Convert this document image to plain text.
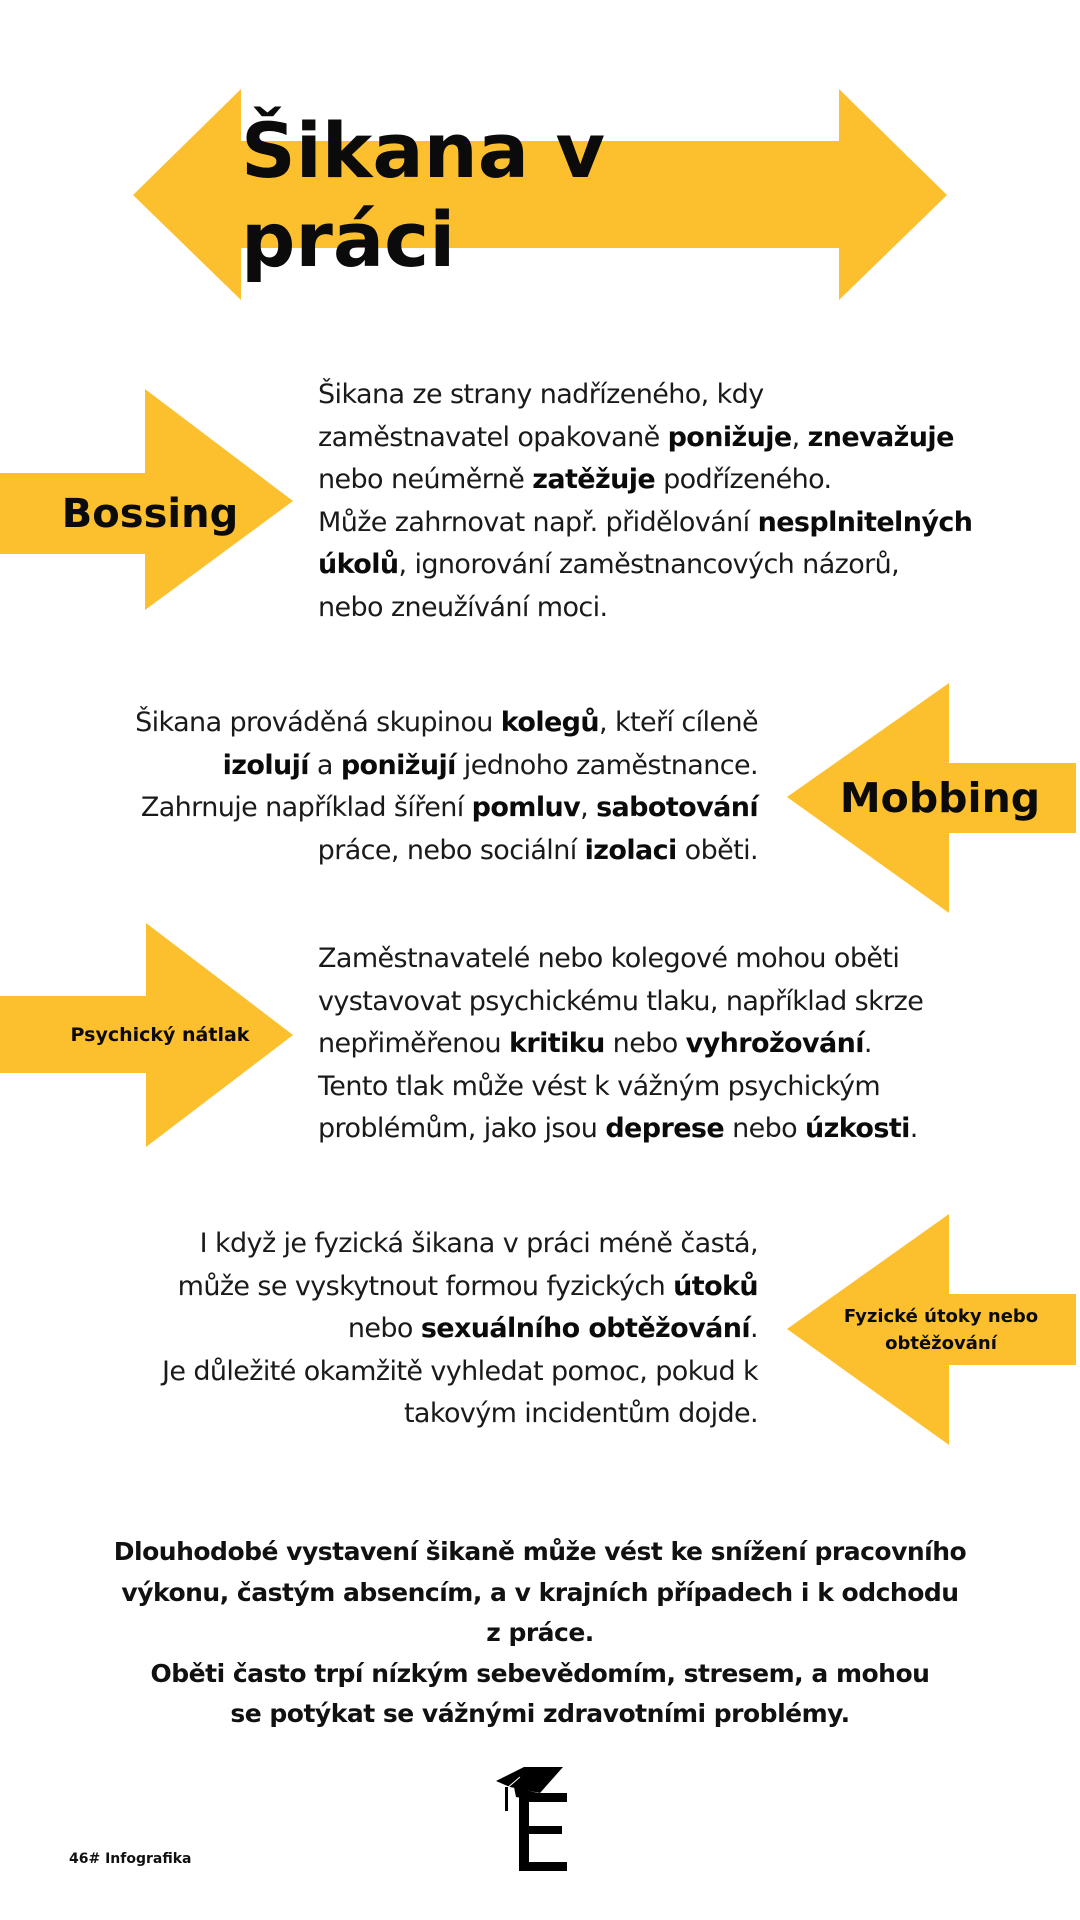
Šikana v práci
Bossing
Šikana ze strany nadřízeného, kdy
zaměstnavatel opakovaně ponižuje, znevažuje
nebo neúměrně zatěžuje podřízeného.
Může zahrnovat např. přidělování nesplnitelných
úkolů, ignorování zaměstnancových názorů,
nebo zneužívání moci.
Šikana prováděná skupinou kolegů, kteří cíleně
izolují a ponižují jednoho zaměstnance.
Zahrnuje například šíření pomluv, sabotování
práce, nebo sociální izolaci oběti.
Mobbing
Psychický nátlak
Zaměstnavatelé nebo kolegové mohou oběti
vystavovat psychickému tlaku, například skrze
nepřiměřenou kritiku nebo vyhrožování.
Tento tlak může vést k vážným psychickým
problémům, jako jsou deprese nebo úzkosti.
I když je fyzická šikana v práci méně častá,
může se vyskytnout formou fyzických útoků
nebo sexuálního obtěžování.
Je důležité okamžitě vyhledat pomoc, pokud k
takovým incidentům dojde.
Fyzické útoky nebo
obtěžování
Dlouhodobé vystavení šikaně může vést ke snížení pracovního
výkonu, častým absencím, a v krajních případech i k odchodu
z práce.
Oběti často trpí nízkým sebevědomím, stresem, a mohou
se potýkat se vážnými zdravotními problémy.
46# Infografika
